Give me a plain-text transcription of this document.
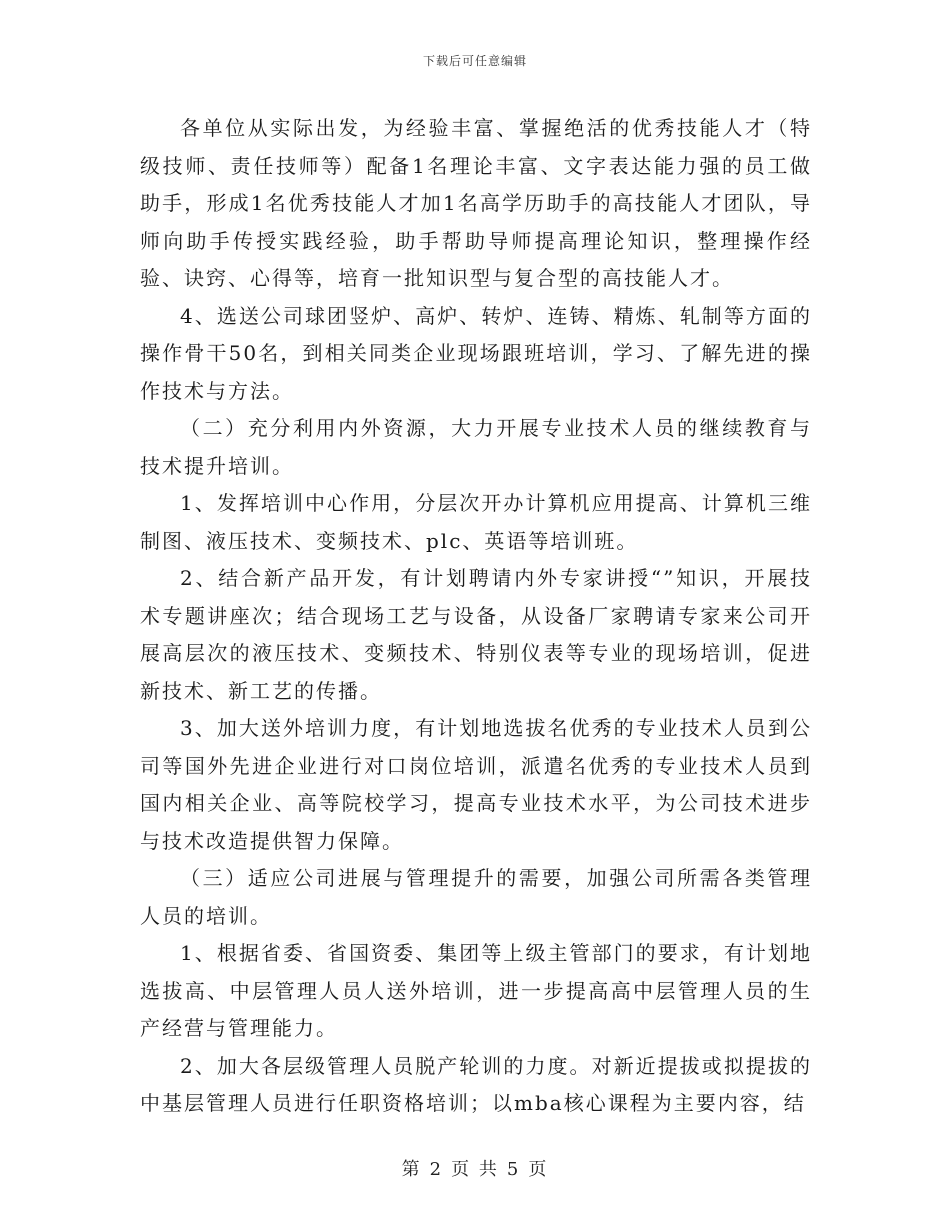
下载后可任意编辑

各单位从实际出发，为经验丰富、掌握绝活的优秀技能人才（特级技师、责任技师等）配备1名理论丰富、文字表达能力强的员工做助手，形成1名优秀技能人才加1名高学历助手的高技能人才团队，导师向助手传授实践经验，助手帮助导师提高理论知识，整理操作经验、诀窍、心得等，培育一批知识型与复合型的高技能人才。

4、选送公司球团竖炉、高炉、转炉、连铸、精炼、轧制等方面的操作骨干50名，到相关同类企业现场跟班培训，学习、了解先进的操作技术与方法。

（二）充分利用内外资源，大力开展专业技术人员的继续教育与技术提升培训。

1、发挥培训中心作用，分层次开办计算机应用提高、计算机三维制图、液压技术、变频技术、plc、英语等培训班。

2、结合新产品开发，有计划聘请内外专家讲授“”知识，开展技术专题讲座次；结合现场工艺与设备，从设备厂家聘请专家来公司开展高层次的液压技术、变频技术、特别仪表等专业的现场培训，促进新技术、新工艺的传播。

3、加大送外培训力度，有计划地选拔名优秀的专业技术人员到公司等国外先进企业进行对口岗位培训，派遣名优秀的专业技术人员到国内相关企业、高等院校学习，提高专业技术水平，为公司技术进步与技术改造提供智力保障。

（三）适应公司进展与管理提升的需要，加强公司所需各类管理人员的培训。

1、根据省委、省国资委、集团等上级主管部门的要求，有计划地选拔高、中层管理人员人送外培训，进一步提高高中层管理人员的生产经营与管理能力。

2、加大各层级管理人员脱产轮训的力度。对新近提拔或拟提拔的中基层管理人员进行任职资格培训；以mba核心课程为主要内容，结

第 2 页 共 5 页
